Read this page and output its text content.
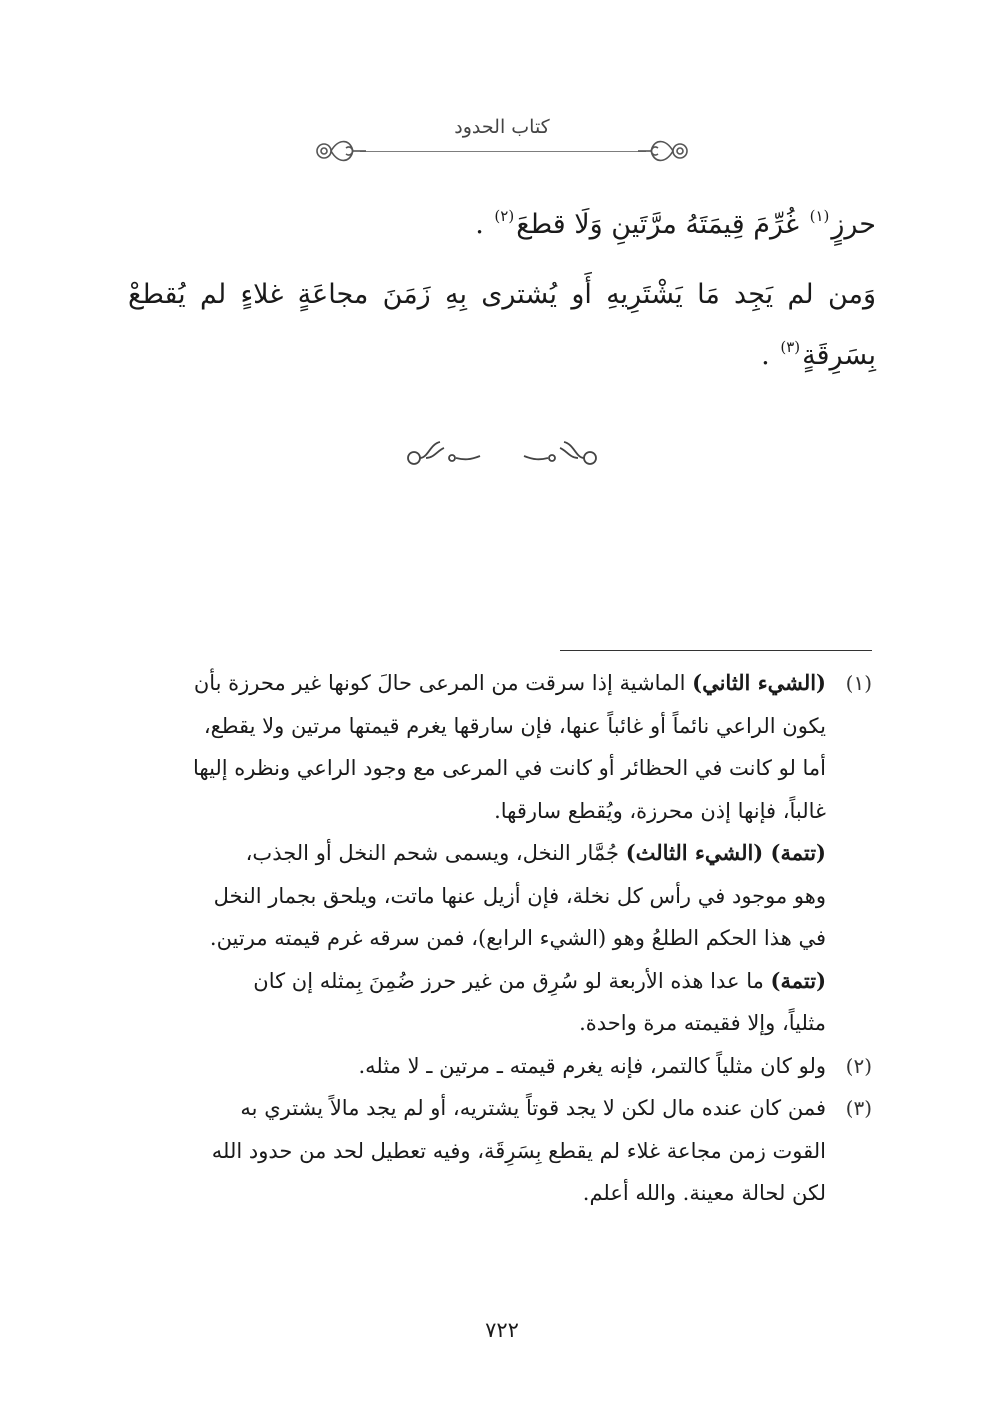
كتاب الحدود

حرزٍ$^{(١)}$ غُرِّمَ قِيمَتَهُ مرَّتَينِ وَلَا قطعَ$^{(٢)}$ .

وَمن لم يَجِد مَا يَشْتَرِيهِ أَو يُشترى بِهِ زَمَنَ مجاعَةٍ غلاءٍ لم يُقطعْ بِسَرِقَةٍ$^{(٣)}$ .

(١)
(الشيء الثاني) الماشية إذا سرقت من المرعى حالَ كونها غير محرزة بأن
يكون الراعي نائماً أو غائباً عنها، فإن سارقها يغرم قيمتها مرتين ولا يقطع،
أما لو كانت في الحظائر أو كانت في المرعى مع وجود الراعي ونظره إليها
غالباً، فإنها إذن محرزة، ويُقطع سارقها.
(تتمة) (الشيء الثالث) جُمَّار النخل، ويسمى شحم النخل أو الجذب،
وهو موجود في رأس كل نخلة، فإن أزيل عنها ماتت، ويلحق بجمار النخل
في هذا الحكم الطلعُ وهو (الشيء الرابع)، فمن سرقه غرم قيمته مرتين.
(تتمة) ما عدا هذه الأربعة لو سُرِق من غير حرز ضُمِنَ بِمثله إن كان
مثلياً، وإلا فقيمته مرة واحدة.
(٢)
ولو كان مثلياً كالتمر، فإنه يغرم قيمته ـ مرتين ـ لا مثله.
(٣)
فمن كان عنده مال لكن لا يجد قوتاً يشتريه، أو لم يجد مالاً يشتري به
القوت زمن مجاعة غلاء لم يقطع بِسَرِقَة، وفيه تعطيل لحد من حدود الله
لكن لحالة معينة. والله أعلم.
٧٢٢
